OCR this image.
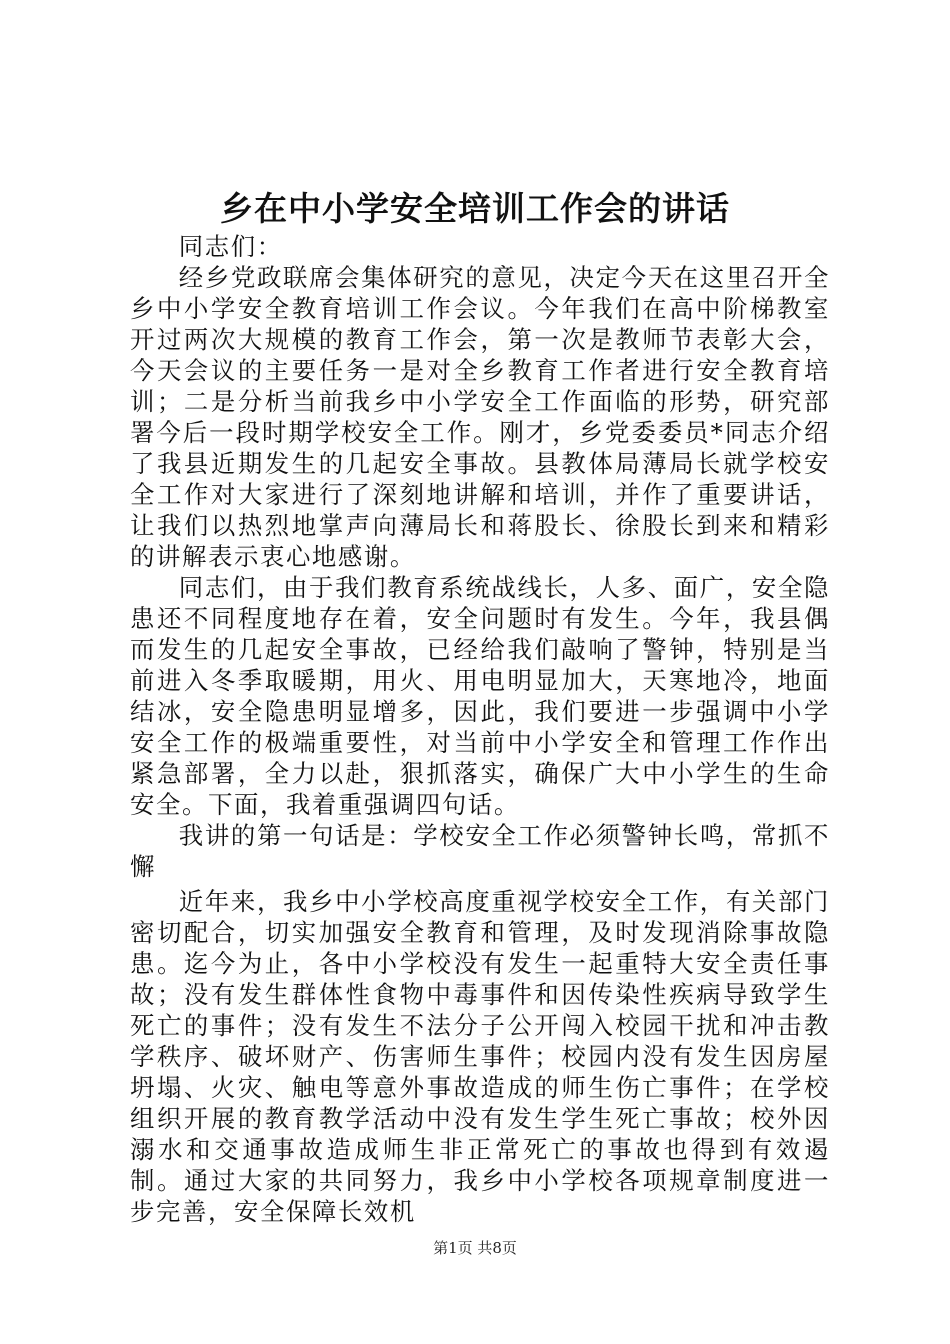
乡在中小学安全培训工作会的讲话

同志们：

经乡党政联席会集体研究的意见，决定今天在这里召开全乡中小学安全教育培训工作会议。今年我们在高中阶梯教室开过两次大规模的教育工作会，第一次是教师节表彰大会，今天会议的主要任务一是对全乡教育工作者进行安全教育培训；二是分析当前我乡中小学安全工作面临的形势，研究部署今后一段时期学校安全工作。刚才，乡党委委员*同志介绍了我县近期发生的几起安全事故。县教体局薄局长就学校安全工作对大家进行了深刻地讲解和培训，并作了重要讲话，让我们以热烈地掌声向薄局长和蒋股长、徐股长到来和精彩的讲解表示衷心地感谢。

同志们，由于我们教育系统战线长，人多、面广，安全隐患还不同程度地存在着，安全问题时有发生。今年，我县偶而发生的几起安全事故，已经给我们敲响了警钟，特别是当前进入冬季取暖期，用火、用电明显加大，天寒地冷，地面结冰，安全隐患明显增多，因此，我们要进一步强调中小学安全工作的极端重要性，对当前中小学安全和管理工作作出紧急部署，全力以赴，狠抓落实，确保广大中小学生的生命安全。下面，我着重强调四句话。

我讲的第一句话是：学校安全工作必须警钟长鸣，常抓不懈

近年来，我乡中小学校高度重视学校安全工作，有关部门密切配合，切实加强安全教育和管理，及时发现消除事故隐患。迄今为止，各中小学校没有发生一起重特大安全责任事故；没有发生群体性食物中毒事件和因传染性疾病导致学生死亡的事件；没有发生不法分子公开闯入校园干扰和冲击教学秩序、破坏财产、伤害师生事件；校园内没有发生因房屋坍塌、火灾、触电等意外事故造成的师生伤亡事件；在学校组织开展的教育教学活动中没有发生学生死亡事故；校外因溺水和交通事故造成师生非正常死亡的事故也得到有效遏制。通过大家的共同努力，我乡中小学校各项规章制度进一步完善，安全保障长效机

第1页 共8页
